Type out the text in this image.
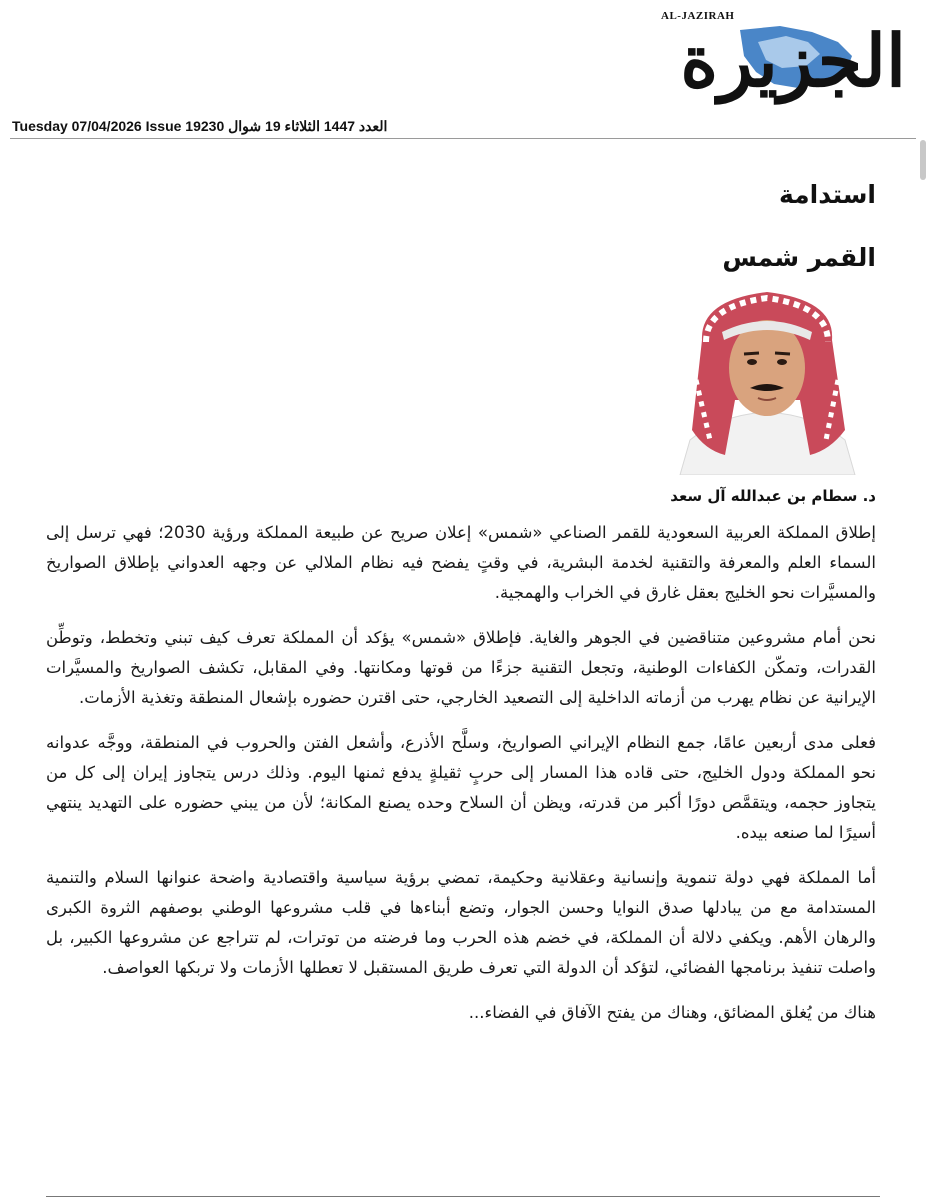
AL-JAZIRAH
الجزيرة
Tuesday 07/04/2026 Issue 19230 العدد 1447 الثلاثاء 19 شوال
استدامة
القمر شمس
د. سطام بن عبدالله آل سعد

إطلاق المملكة العربية السعودية للقمر الصناعي «شمس» إعلان صريح عن طبيعة المملكة ورؤية 2030؛ فهي ترسل إلى السماء العلم والمعرفة والتقنية لخدمة البشرية، في وقتٍ يفضح فيه نظام الملالي عن وجهه العدواني بإطلاق الصواريخ والمسيَّرات نحو الخليج بعقل غارق في الخراب والهمجية.

نحن أمام مشروعين متناقضين في الجوهر والغاية. فإطلاق «شمس» يؤكد أن المملكة تعرف كيف تبني وتخطط، وتوطِّن القدرات، وتمكّن الكفاءات الوطنية، وتجعل التقنية جزءًا من قوتها ومكانتها. وفي المقابل، تكشف الصواريخ والمسيَّرات الإيرانية عن نظام يهرب من أزماته الداخلية إلى التصعيد الخارجي، حتى اقترن حضوره بإشعال المنطقة وتغذية الأزمات.

فعلى مدى أربعين عامًا، جمع النظام الإيراني الصواريخ، وسلَّح الأذرع، وأشعل الفتن والحروب في المنطقة، ووجَّه عدوانه نحو المملكة ودول الخليج، حتى قاده هذا المسار إلى حربٍ ثقيلةٍ يدفع ثمنها اليوم. وذلك درس يتجاوز إيران إلى كل من يتجاوز حجمه، ويتقمَّص دورًا أكبر من قدرته، ويظن أن السلاح وحده يصنع المكانة؛ لأن من يبني حضوره على التهديد ينتهي أسيرًا لما صنعه بيده.

أما المملكة فهي دولة تنموية وإنسانية وعقلانية وحكيمة، تمضي برؤية سياسية واقتصادية واضحة عنوانها السلام والتنمية المستدامة مع من يبادلها صدق النوايا وحسن الجوار، وتضع أبناءها في قلب مشروعها الوطني بوصفهم الثروة الكبرى والرهان الأهم. ويكفي دلالة أن المملكة، في خضم هذه الحرب وما فرضته من توترات، لم تتراجع عن مشروعها الكبير، بل واصلت تنفيذ برنامجها الفضائي، لتؤكد أن الدولة التي تعرف طريق المستقبل لا تعطلها الأزمات ولا تربكها العواصف.

هناك من يُغلق المضائق، وهناك من يفتح الآفاق في الفضاء...
